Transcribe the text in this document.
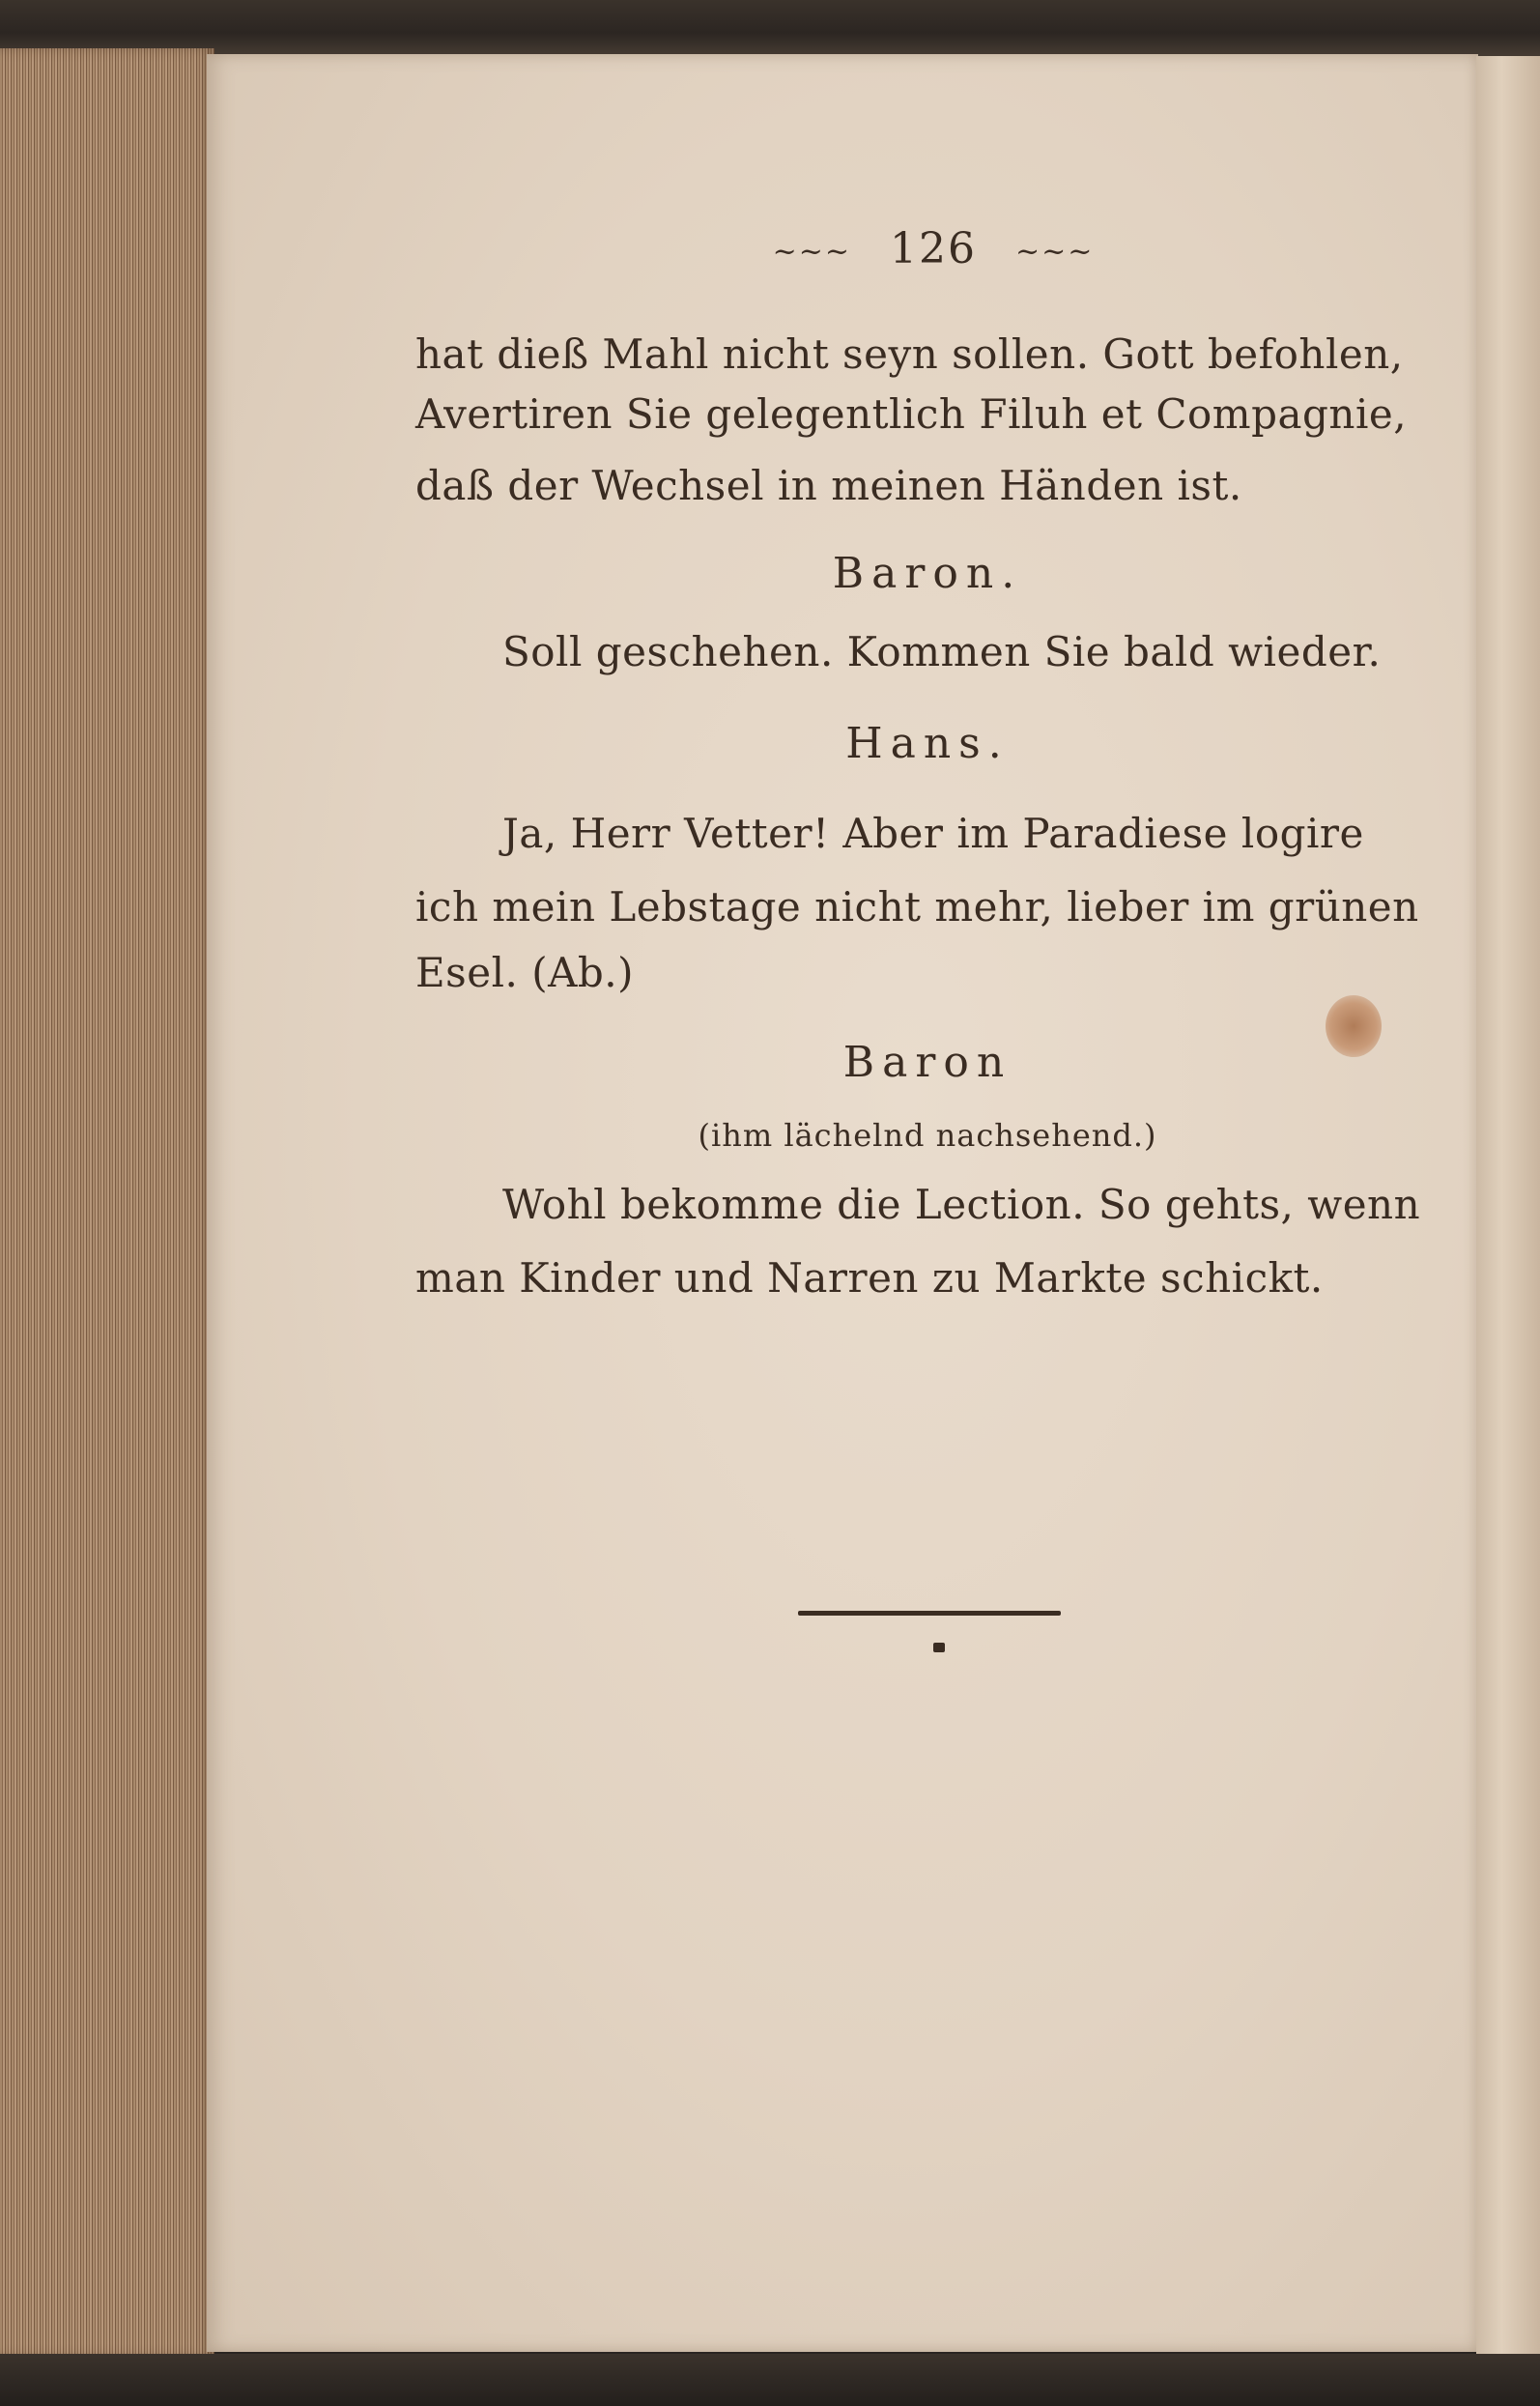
~~~ 126 ~~~
hat dieß Mahl nicht seyn sollen. Gott befohlen,
Avertiren Sie gelegentlich Filuh et Compagnie,
daß der Wechsel in meinen Händen ist.
Baron.
Soll geschehen. Kommen Sie bald wieder.
Hans.
Ja, Herr Vetter! Aber im Paradiese logire
ich mein Lebstage nicht mehr, lieber im grünen
Esel. (Ab.)
Baron
(ihm lächelnd nachsehend.)
Wohl bekomme die Lection. So gehts, wenn
man Kinder und Narren zu Markte schickt.
